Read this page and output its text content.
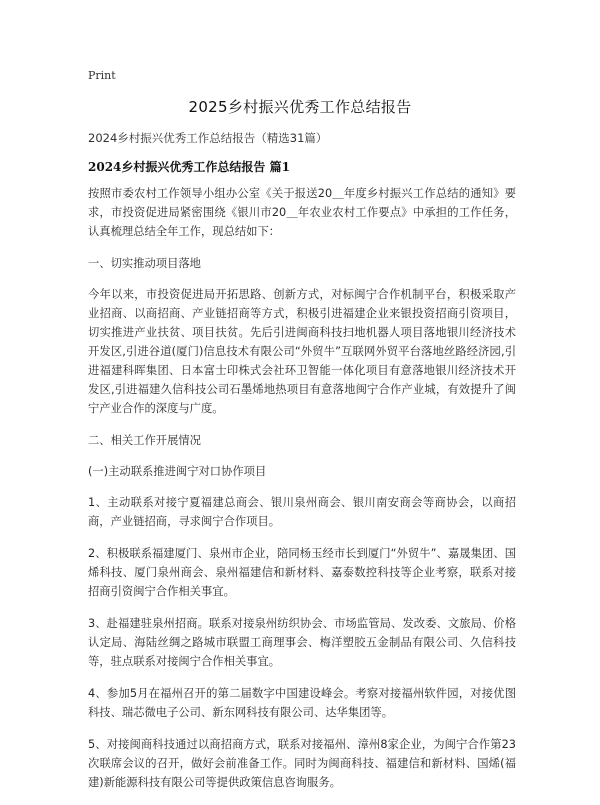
Print
2025乡村振兴优秀工作总结报告

2024乡村振兴优秀工作总结报告（精选31篇）

2024乡村振兴优秀工作总结报告 篇1

按照市委农村工作领导小组办公室《关于报送20＿年度乡村振兴工作总结的通知》要求，市投资促进局紧密围绕《银川市20＿年农业农村工作要点》中承担的工作任务，认真梳理总结全年工作，现总结如下：

一、切实推动项目落地

今年以来，市投资促进局开拓思路、创新方式，对标闽宁合作机制平台，积极采取产业招商、以商招商、产业链招商等方式，积极引进福建企业来银投资招商引资项目，切实推进产业扶贫、项目扶贫。先后引进闽商科技扫地机器人项目落地银川经济技术开发区,引进谷道(厦门)信息技术有限公司“外贸牛”互联网外贸平台落地丝路经济园,引进福建科晖集团、日本富士印株式会社环卫智能一体化项目有意落地银川经济技术开发区,引进福建久信科技公司石墨烯地热项目有意落地闽宁合作产业城，有效提升了闽宁产业合作的深度与广度。

二、相关工作开展情况

(一)主动联系推进闽宁对口协作项目

1、主动联系对接宁夏福建总商会、银川泉州商会、银川南安商会等商协会，以商招商，产业链招商，寻求闽宁合作项目。

2、积极联系福建厦门、泉州市企业，陪同杨玉经市长到厦门“外贸牛”、嘉晟集团、国烯科技、厦门泉州商会、泉州福建信和新材料、嘉泰数控科技等企业考察，联系对接招商引资闽宁合作相关事宜。

3、赴福建驻泉州招商。联系对接泉州纺织协会、市场监管局、发改委、文旅局、价格认定局、海陆丝绸之路城市联盟工商理事会、梅洋塑胶五金制品有限公司、久信科技等，驻点联系对接闽宁合作相关事宜。

4、参加5月在福州召开的第二届数字中国建设峰会。考察对接福州软件园，对接优图科技、瑞芯微电子公司、新东网科技有限公司、达华集团等。

5、对接闽商科技通过以商招商方式，联系对接福州、漳州8家企业，为闽宁合作第23次联席会议的召开，做好会前准备工作。同时为闽商科技、福建信和新材料、国烯(福建)新能源科技有限公司等提供政策信息咨询服务。
